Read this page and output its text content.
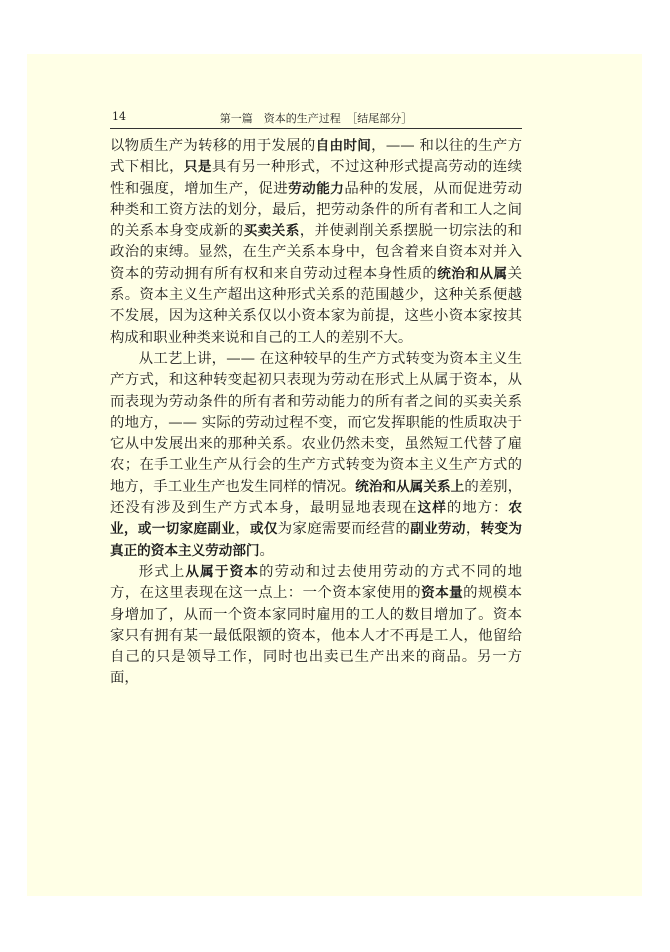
14	第一篇　资本的生产过程　［结尾部分］

以物质生产为转移的用于发展的自由时间，—— 和以往的生产方式下相比，只是具有另一种形式，不过这种形式提高劳动的连续性和强度，增加生产，促进劳动能力品种的发展，从而促进劳动种类和工资方法的划分，最后，把劳动条件的所有者和工人之间的关系本身变成新的买卖关系，并使剥削关系摆脱一切宗法的和政治的束缚。显然，在生产关系本身中，包含着来自资本对并入资本的劳动拥有所有权和来自劳动过程本身性质的统治和从属关系。资本主义生产超出这种形式关系的范围越少，这种关系便越不发展，因为这种关系仅以小资本家为前提，这些小资本家按其构成和职业种类来说和自己的工人的差别不大。

从工艺上讲，—— 在这种较早的生产方式转变为资本主义生产方式，和这种转变起初只表现为劳动在形式上从属于资本，从而表现为劳动条件的所有者和劳动能力的所有者之间的买卖关系的地方，—— 实际的劳动过程不变，而它发挥职能的性质取决于它从中发展出来的那种关系。农业仍然未变，虽然短工代替了雇农；在手工业生产从行会的生产方式转变为资本主义生产方式的地方，手工业生产也发生同样的情况。统治和从属关系上的差别，还没有涉及到生产方式本身，最明显地表现在这样的地方：农业，或一切家庭副业，或仅为家庭需要而经营的副业劳动，转变为真正的资本主义劳动部门。

形式上从属于资本的劳动和过去使用劳动的方式不同的地方，在这里表现在这一点上：一个资本家使用的资本量的规模本身增加了，从而一个资本家同时雇用的工人的数目增加了。资本家只有拥有某一最低限额的资本，他本人才不再是工人，他留给自己的只是领导工作，同时也出卖已生产出来的商品。另一方面，
